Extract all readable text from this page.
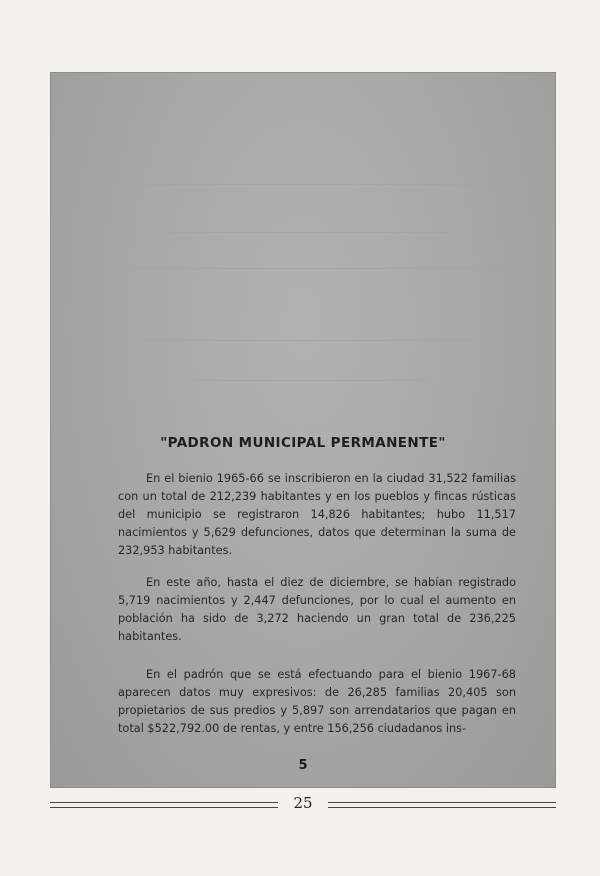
"PADRON MUNICIPAL PERMANENTE"

En el bienio 1965-66 se inscribieron en la ciudad 31,522 familias con un total de 212,239 habitantes y en los pueblos y fincas rústicas del municipio se registraron 14,826 habitantes; hubo 11,517 nacimientos y 5,629 defunciones, datos que determinan la suma de 232,953 habitantes.

En este año, hasta el diez de diciembre, se habían registrado 5,719 nacimientos y 2,447 defunciones, por lo cual el aumento en población ha sido de 3,272 haciendo un gran total de 236,225 habitantes.

En el padrón que se está efectuando para el bienio 1967-68 aparecen datos muy expresivos: de 26,285 familias 20,405 son propietarios de sus predios y 5,897 son arrendatarios que pagan en total $522,792.00 de rentas, y entre 156,256 ciudadanos ins-

5
25
